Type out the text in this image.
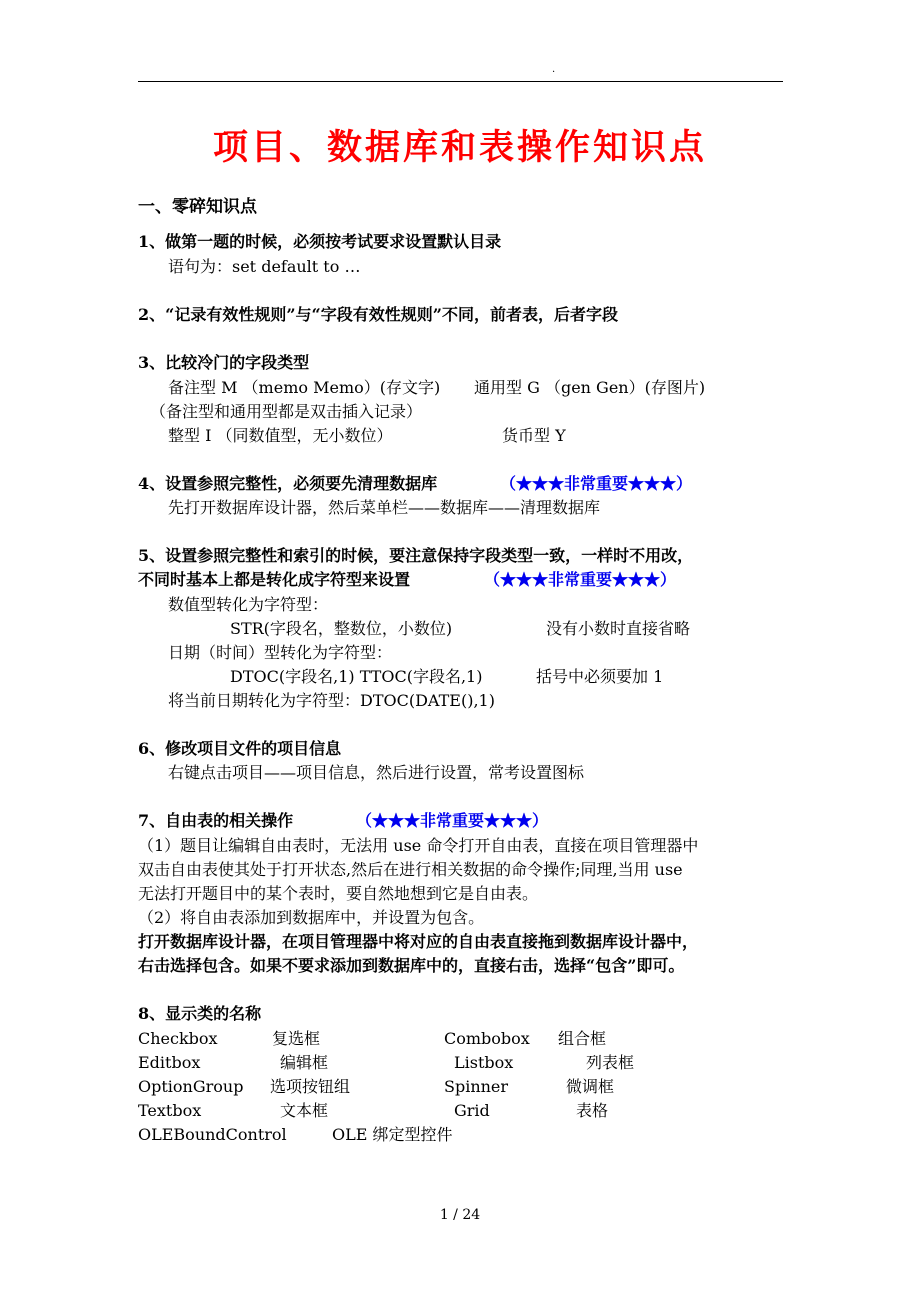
.
项目、数据库和表操作知识点
一、零碎知识点
1、做第一题的时候，必须按考试要求设置默认目录
语句为：set default to …
2、“记录有效性规则”与“字段有效性规则”不同，前者表，后者字段
3、比较冷门的字段类型
备注型 M （memo Memo）(存文字) 通用型 G （gen Gen）(存图片)
（备注型和通用型都是双击插入记录）
整型 I （同数值型，无小数位）	货币型 Y
4、设置参照完整性，必须要先清理数据库	（★★★非常重要★★★）
先打开数据库设计器，然后菜单栏——数据库——清理数据库
5、设置参照完整性和索引的时候，要注意保持字段类型一致，一样时不用改，
不同时基本上都是转化成字符型来设置	（★★★非常重要★★★）
数值型转化为字符型：
STR(字段名，整数位，小数位)	没有小数时直接省略
日期（时间）型转化为字符型：
DTOC(字段名,1) TTOC(字段名,1)	括号中必须要加 1
将当前日期转化为字符型：DTOC(DATE(),1)
6、修改项目文件的项目信息
右键点击项目——项目信息，然后进行设置，常考设置图标
7、自由表的相关操作	（★★★非常重要★★★）
（1）题目让编辑自由表时，无法用 use 命令打开自由表，直接在项目管理器中
双击自由表使其处于打开状态,然后在进行相关数据的命令操作;同理,当用 use
无法打开题目中的某个表时，要自然地想到它是自由表。
（2）将自由表添加到数据库中，并设置为包含。
打开数据库设计器，在项目管理器中将对应的自由表直接拖到数据库设计器中，
右击选择包含。如果不要求添加到数据库中的，直接右击，选择“包含”即可。
8、显示类的名称
Checkbox	复选框	Combobox 组合框
Editbox	编辑框	Listbox	列表框
OptionGroup 选项按钮组	Spinner	微调框
Textbox	文本框	Grid	表格
OLEBoundControl	OLE 绑定型控件
1 / 24
